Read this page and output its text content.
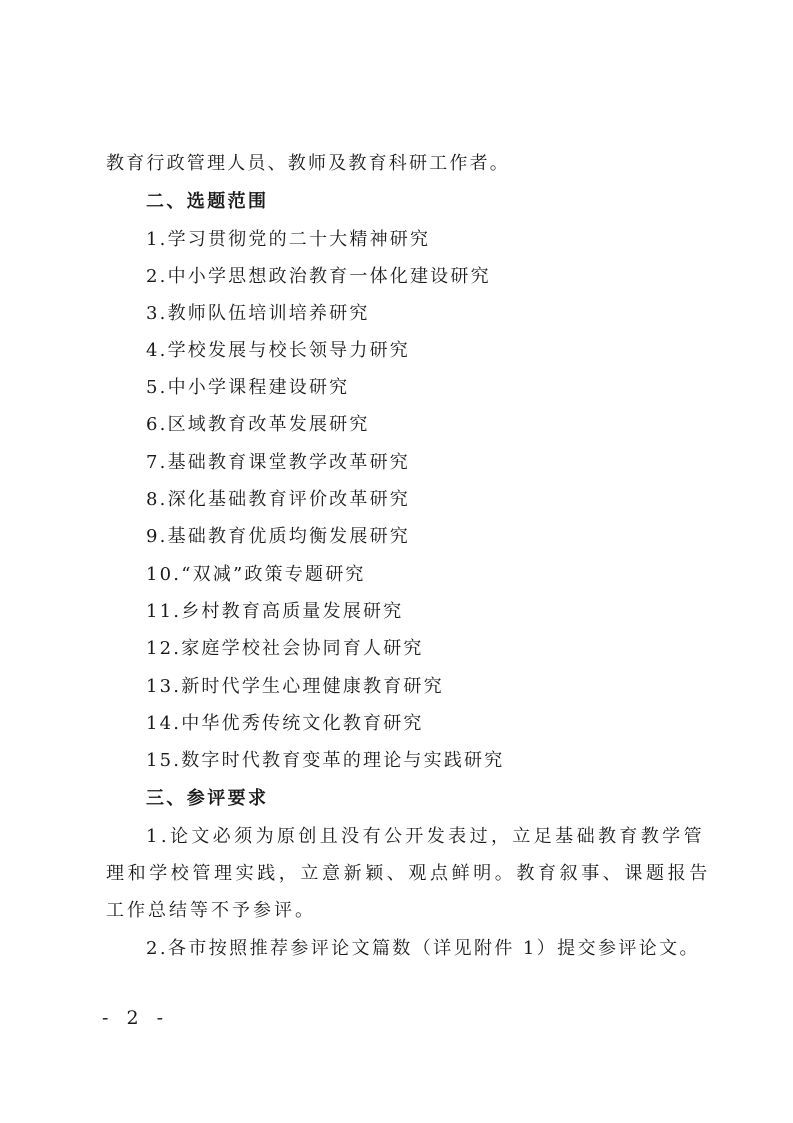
教育行政管理人员、教师及教育科研工作者。
二、选题范围
1.学习贯彻党的二十大精神研究
2.中小学思想政治教育一体化建设研究
3.教师队伍培训培养研究
4.学校发展与校长领导力研究
5.中小学课程建设研究
6.区域教育改革发展研究
7.基础教育课堂教学改革研究
8.深化基础教育评价改革研究
9.基础教育优质均衡发展研究
10.“双减”政策专题研究
11.乡村教育高质量发展研究
12.家庭学校社会协同育人研究
13.新时代学生心理健康教育研究
14.中华优秀传统文化教育研究
15.数字时代教育变革的理论与实践研究
三、参评要求
1.论文必须为原创且没有公开发表过，立足基础教育教学管
理和学校管理实践，立意新颖、观点鲜明。教育叙事、课题报告
工作总结等不予参评。
2.各市按照推荐参评论文篇数（详见附件 1）提交参评论文。
- 2 -
